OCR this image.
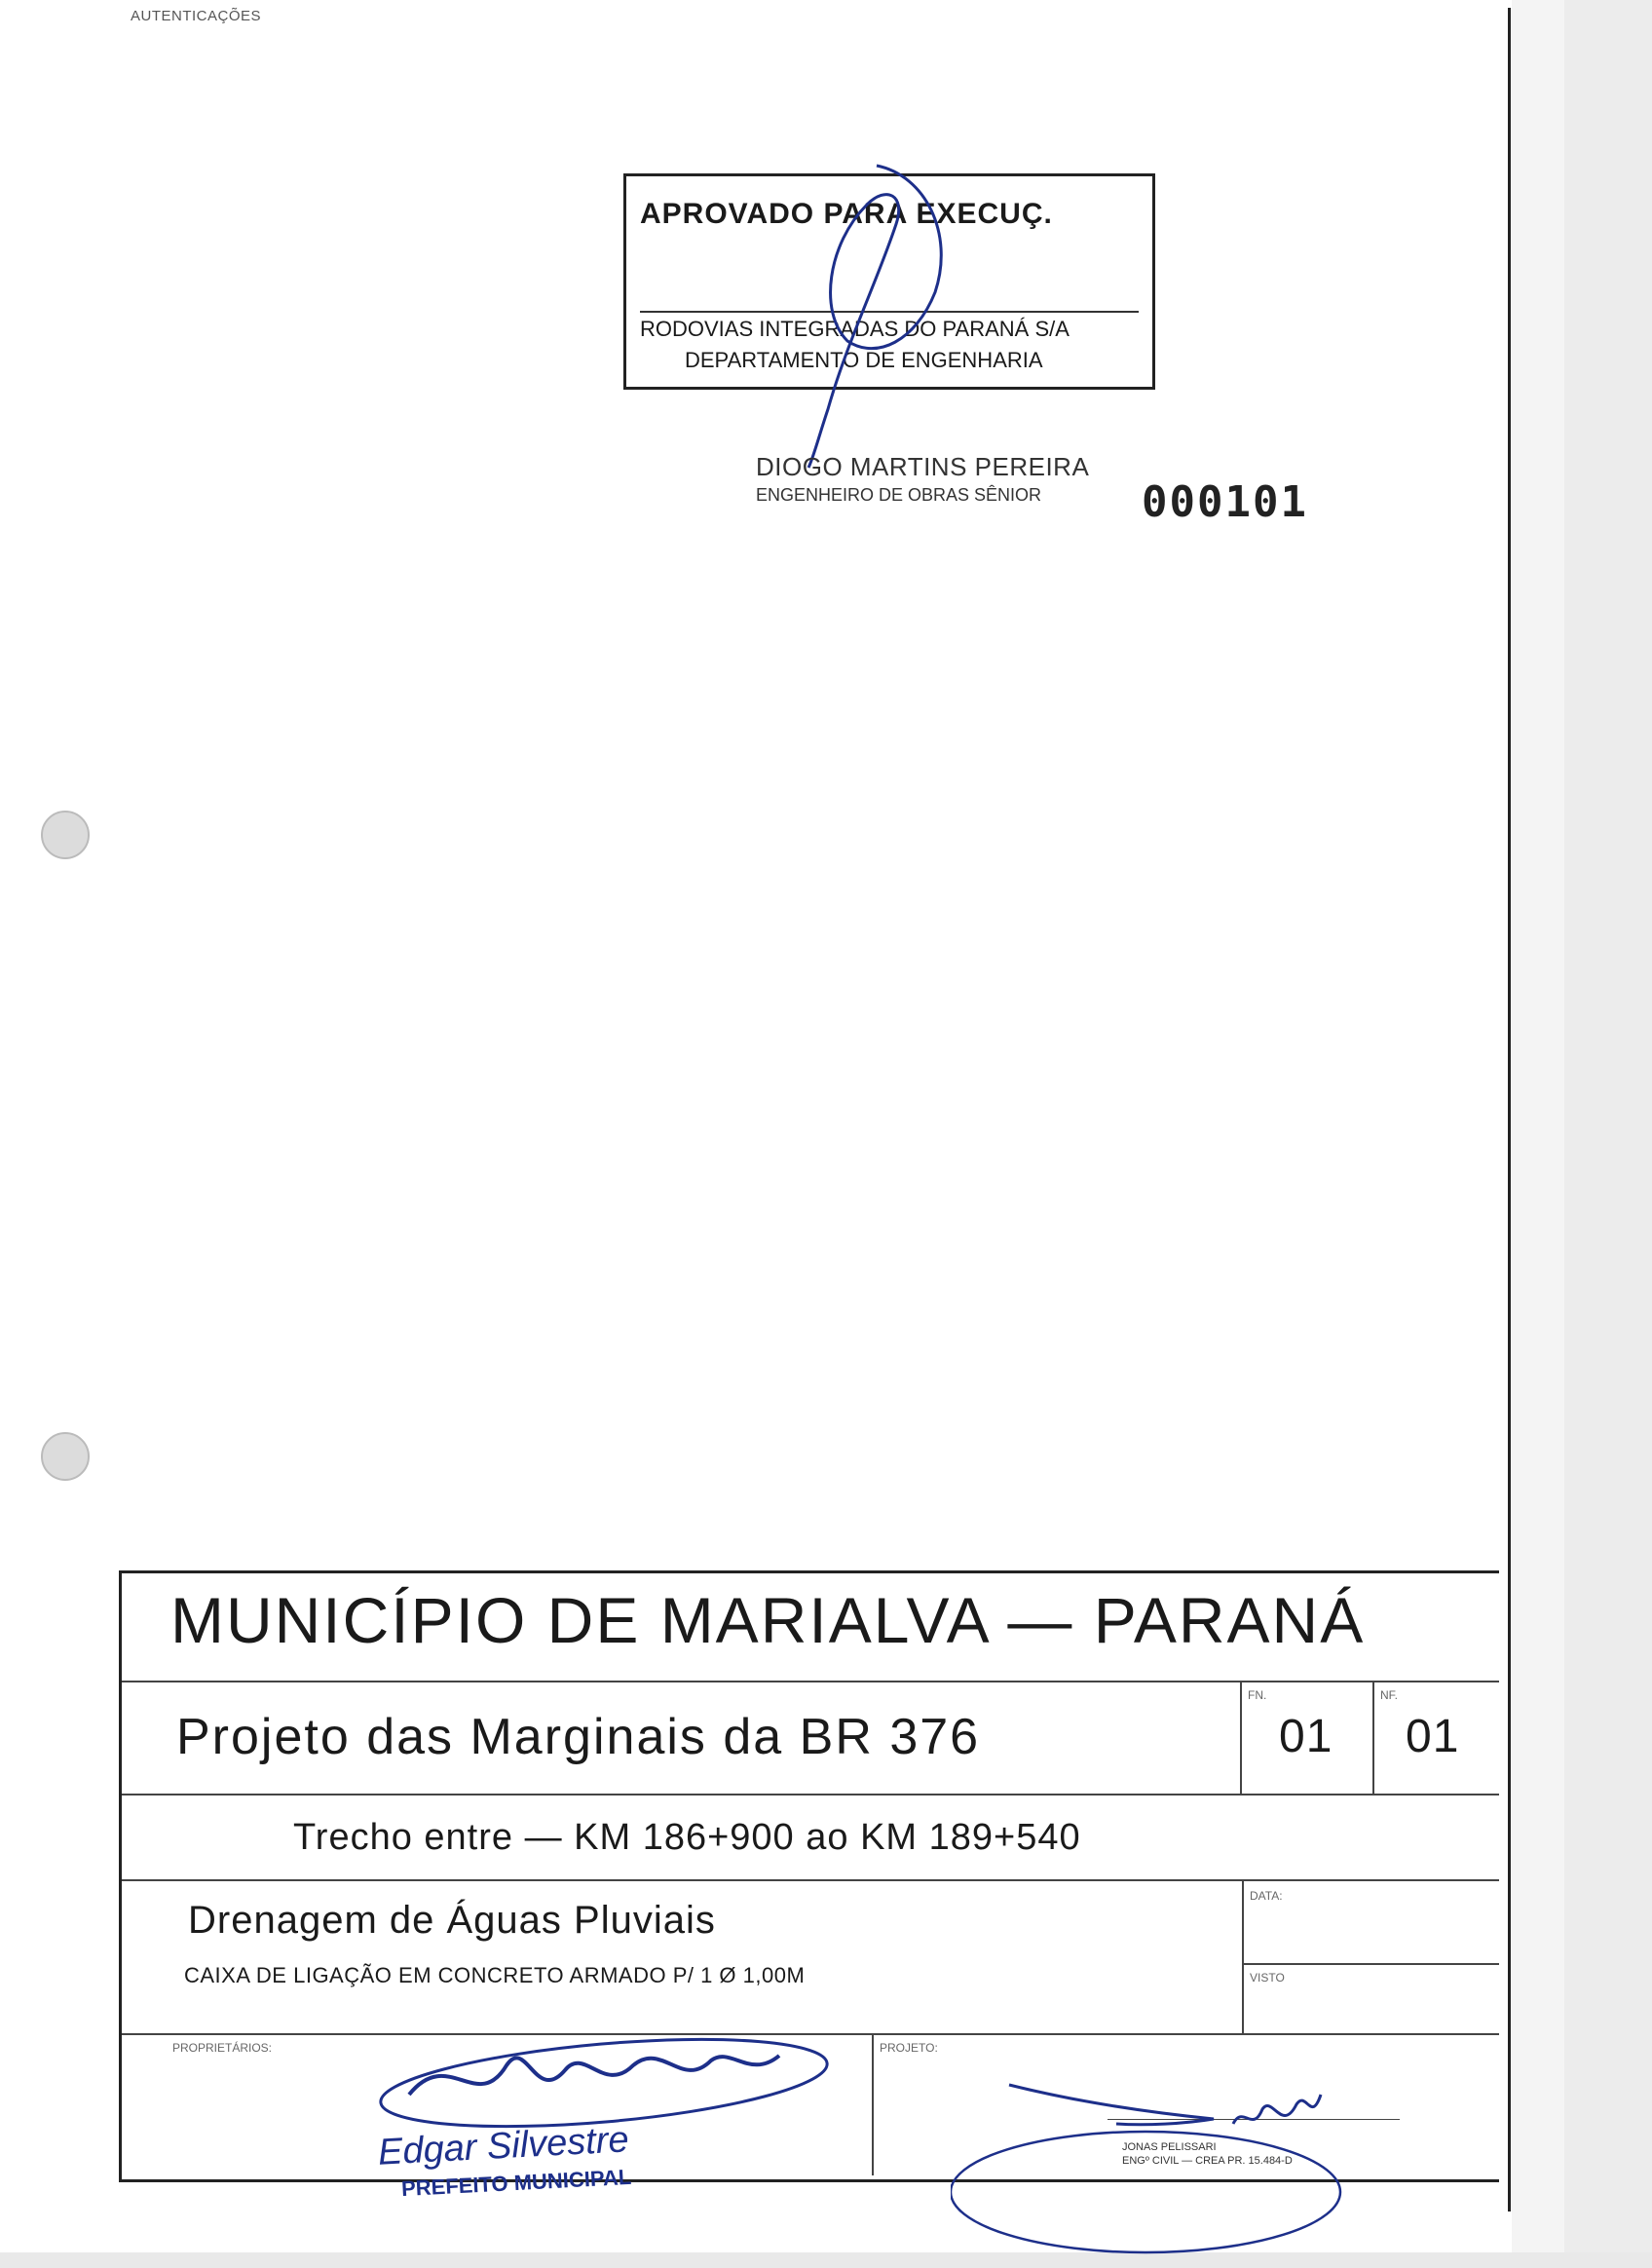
AUTENTICAÇÕES
APROVADO PARA EXECUÇ.
RODOVIAS INTEGRADAS DO PARANÁ S/A
DEPARTAMENTO DE ENGENHARIA
DIOGO MARTINS PEREIRA
ENGENHEIRO DE OBRAS SÊNIOR 000101
MUNICÍPIO DE MARIALVA — PARANÁ
Projeto das Marginais da BR 376
FN.
01
NF.
01
Trecho entre — KM 186+900 ao KM 189+540
Drenagem de Águas Pluviais
CAIXA DE LIGAÇÃO EM CONCRETO ARMADO P/ 1 Ø 1,00M
DATA:
VISTO
PROPRIETÁRIOS:	PROJETO:
Edgar Silvestre
PREFEITO MUNICIPAL
JONAS PELISSARI
ENGº CIVIL — CREA PR. 15.484-D
